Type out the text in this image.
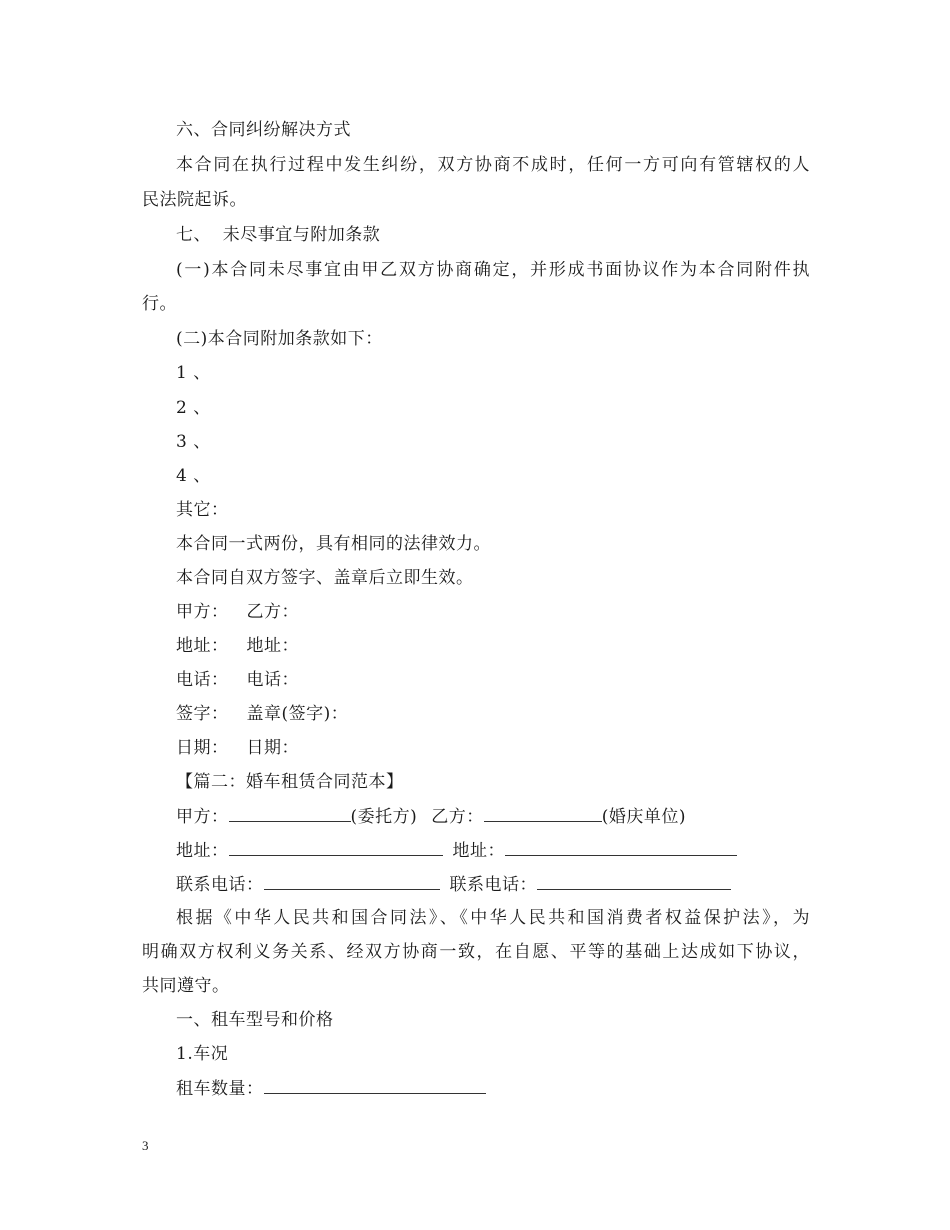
六、合同纠纷解决方式
本合同在执行过程中发生纠纷，双方协商不成时，任何一方可向有管辖权的人
民法院起诉。
七、  未尽事宜与附加条款
(一)本合同未尽事宜由甲乙双方协商确定，并形成书面协议作为本合同附件执
行。
(二)本合同附加条款如下：
1 、
2 、
3 、
4 、
其它：
本合同一式两份，具有相同的法律效力。
本合同自双方签字、盖章后立即生效。
甲方： 乙方：
地址： 地址：
电话： 电话：
签字： 盖章(签字)：
日期： 日期：
【篇二：婚车租赁合同范本】
甲方：	(委托方) 乙方：	(婚庆单位)
地址：	地址：
联系电话：	联系电话：
根据《中华人民共和国合同法》、《中华人民共和国消费者权益保护法》，为
明确双方权利义务关系、经双方协商一致，在自愿、平等的基础上达成如下协议，
共同遵守。
一、租车型号和价格
1.车况
租车数量：
3
